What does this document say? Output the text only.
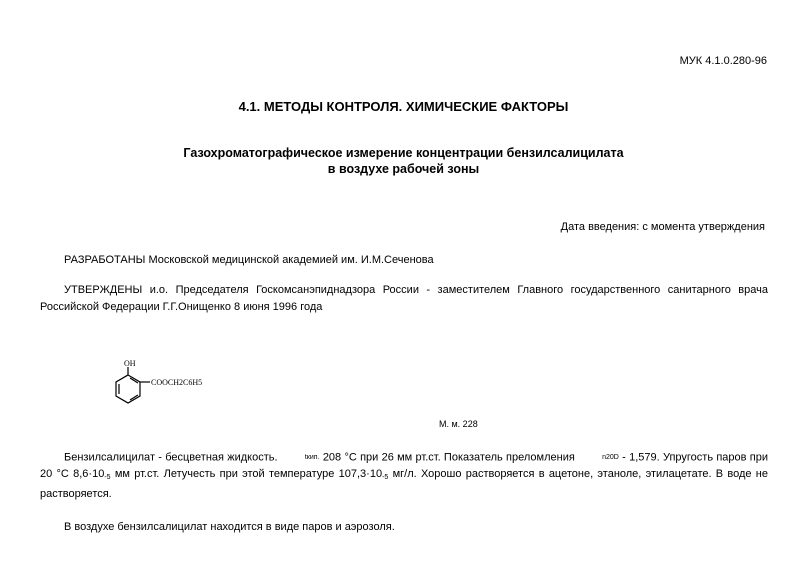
МУК 4.1.0.280-96
4.1. МЕТОДЫ КОНТРОЛЯ. ХИМИЧЕСКИЕ ФАКТОРЫ
Газохроматографическое измерение концентрации бензилсалицилата
в воздухе рабочей зоны
Дата введения: с момента утверждения
РАЗРАБОТАНЫ Московской медицинской академией им. И.М.Сеченова
УТВЕРЖДЕНЫ и.о. Председателя Госкомсанэпиднадзора России - заместителем Главного государственного санитарного врача Российской Федерации Г.Г.Онищенко 8 июня 1996 года
OH
COOCH2C6H5
М. м. 228
Бензилсалицилат - бесцветная жидкость.	tкип. 208 °С при 26 мм рт.ст. Показатель преломления	n20D - 1,579. Упругость паров при 20 °С $8,6\cdot 10^{-5}$ мм рт.ст. Летучесть при этой температуре $107,3\cdot 10^{-5}$ мг/л. Хорошо растворяется в ацетоне, этаноле, этилацетате. В воде не растворяется.
В воздухе бензилсалицилат находится в виде паров и аэрозоля.
